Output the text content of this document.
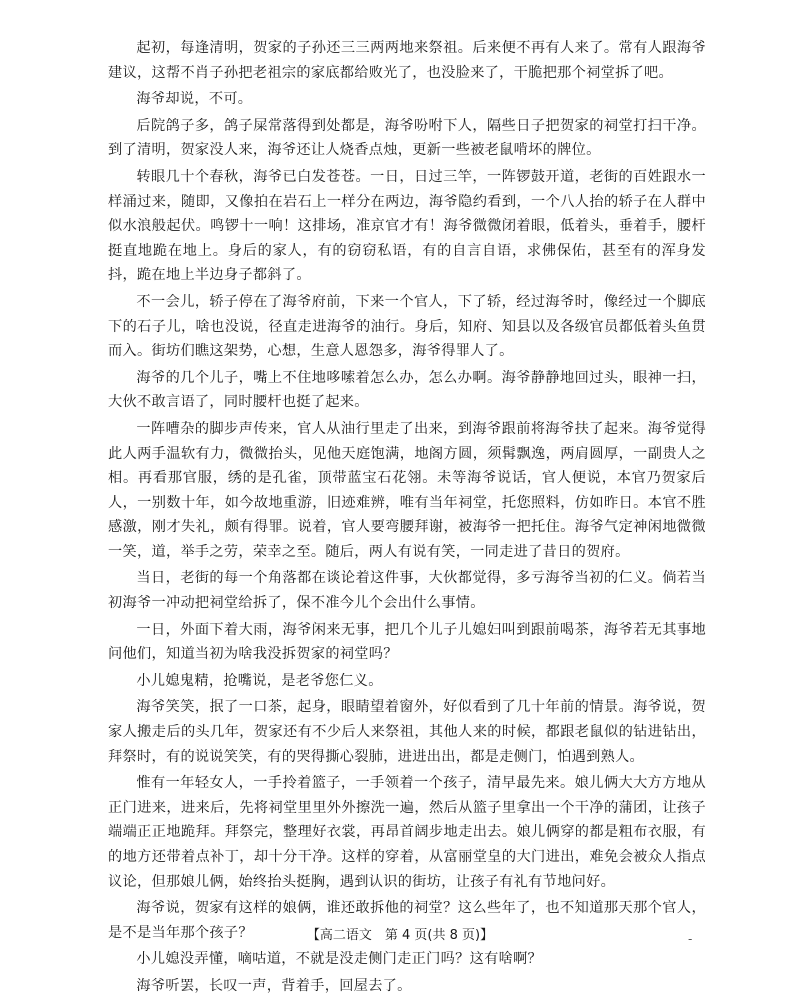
起初，每逢清明，贺家的子孙还三三两两地来祭祖。后来便不再有人来了。常有人跟海爷建议，这帮不肖子孙把老祖宗的家底都给败光了，也没脸来了，干脆把那个祠堂拆了吧。

海爷却说，不可。

后院鸽子多，鸽子屎常落得到处都是，海爷吩咐下人，隔些日子把贺家的祠堂打扫干净。到了清明，贺家没人来，海爷还让人烧香点烛，更新一些被老鼠啃坏的牌位。

转眼几十个春秋，海爷已白发苍苍。一日，日过三竿，一阵锣鼓开道，老街的百姓跟水一样涌过来，随即，又像拍在岩石上一样分在两边，海爷隐约看到，一个八人抬的轿子在人群中似水浪般起伏。鸣锣十一响！这排场，准京官才有！海爷微微闭着眼，低着头，垂着手，腰杆挺直地跪在地上。身后的家人，有的窃窃私语，有的自言自语，求佛保佑，甚至有的浑身发抖，跪在地上半边身子都斜了。

不一会儿，轿子停在了海爷府前，下来一个官人，下了轿，经过海爷时，像经过一个脚底下的石子儿，啥也没说，径直走进海爷的油行。身后，知府、知县以及各级官员都低着头鱼贯而入。街坊们瞧这架势，心想，生意人恩怨多，海爷得罪人了。

海爷的几个儿子，嘴上不住地哆嗦着怎么办，怎么办啊。海爷静静地回过头，眼神一扫，大伙不敢言语了，同时腰杆也挺了起来。

一阵嘈杂的脚步声传来，官人从油行里走了出来，到海爷跟前将海爷扶了起来。海爷觉得此人两手温软有力，微微抬头，见他天庭饱满，地阁方圆，须髯飘逸，两肩圆厚，一副贵人之相。再看那官服，绣的是孔雀，顶带蓝宝石花翎。未等海爷说话，官人便说，本官乃贺家后人，一别数十年，如今故地重游，旧迹难辨，唯有当年祠堂，托您照料，仿如昨日。本官不胜感激，刚才失礼，颇有得罪。说着，官人要弯腰拜谢，被海爷一把托住。海爷气定神闲地微微一笑，道，举手之劳，荣幸之至。随后，两人有说有笑，一同走进了昔日的贺府。

当日，老街的每一个角落都在谈论着这件事，大伙都觉得，多亏海爷当初的仁义。倘若当初海爷一冲动把祠堂给拆了，保不准今儿个会出什么事情。

一日，外面下着大雨，海爷闲来无事，把几个儿子儿媳妇叫到跟前喝茶，海爷若无其事地问他们，知道当初为啥我没拆贺家的祠堂吗？

小儿媳鬼精，抢嘴说，是老爷您仁义。

海爷笑笑，抿了一口茶，起身，眼睛望着窗外，好似看到了几十年前的情景。海爷说，贺家人搬走后的头几年，贺家还有不少后人来祭祖，其他人来的时候，都跟老鼠似的钻进钻出，拜祭时，有的说说笑笑，有的哭得撕心裂肺，进进出出，都是走侧门，怕遇到熟人。

惟有一年轻女人，一手拎着篮子，一手领着一个孩子，清早最先来。娘儿俩大大方方地从正门进来，进来后，先将祠堂里里外外擦洗一遍，然后从篮子里拿出一个干净的蒲团，让孩子端端正正地跪拜。拜祭完，整理好衣裳，再昂首阔步地走出去。娘儿俩穿的都是粗布衣服，有的地方还带着点补丁，却十分干净。这样的穿着，从富丽堂皇的大门进出，难免会被众人指点议论，但那娘儿俩，始终抬头挺胸，遇到认识的街坊，让孩子有礼有节地问好。

海爷说，贺家有这样的娘俩，谁还敢拆他的祠堂？这么些年了，也不知道那天那个官人，是不是当年那个孩子？

小儿媳没弄懂，嘀咕道，不就是没走侧门走正门吗？这有啥啊？

海爷听罢，长叹一声，背着手，回屋去了。

【高二语文　第 4 页(共 8 页)】	-
